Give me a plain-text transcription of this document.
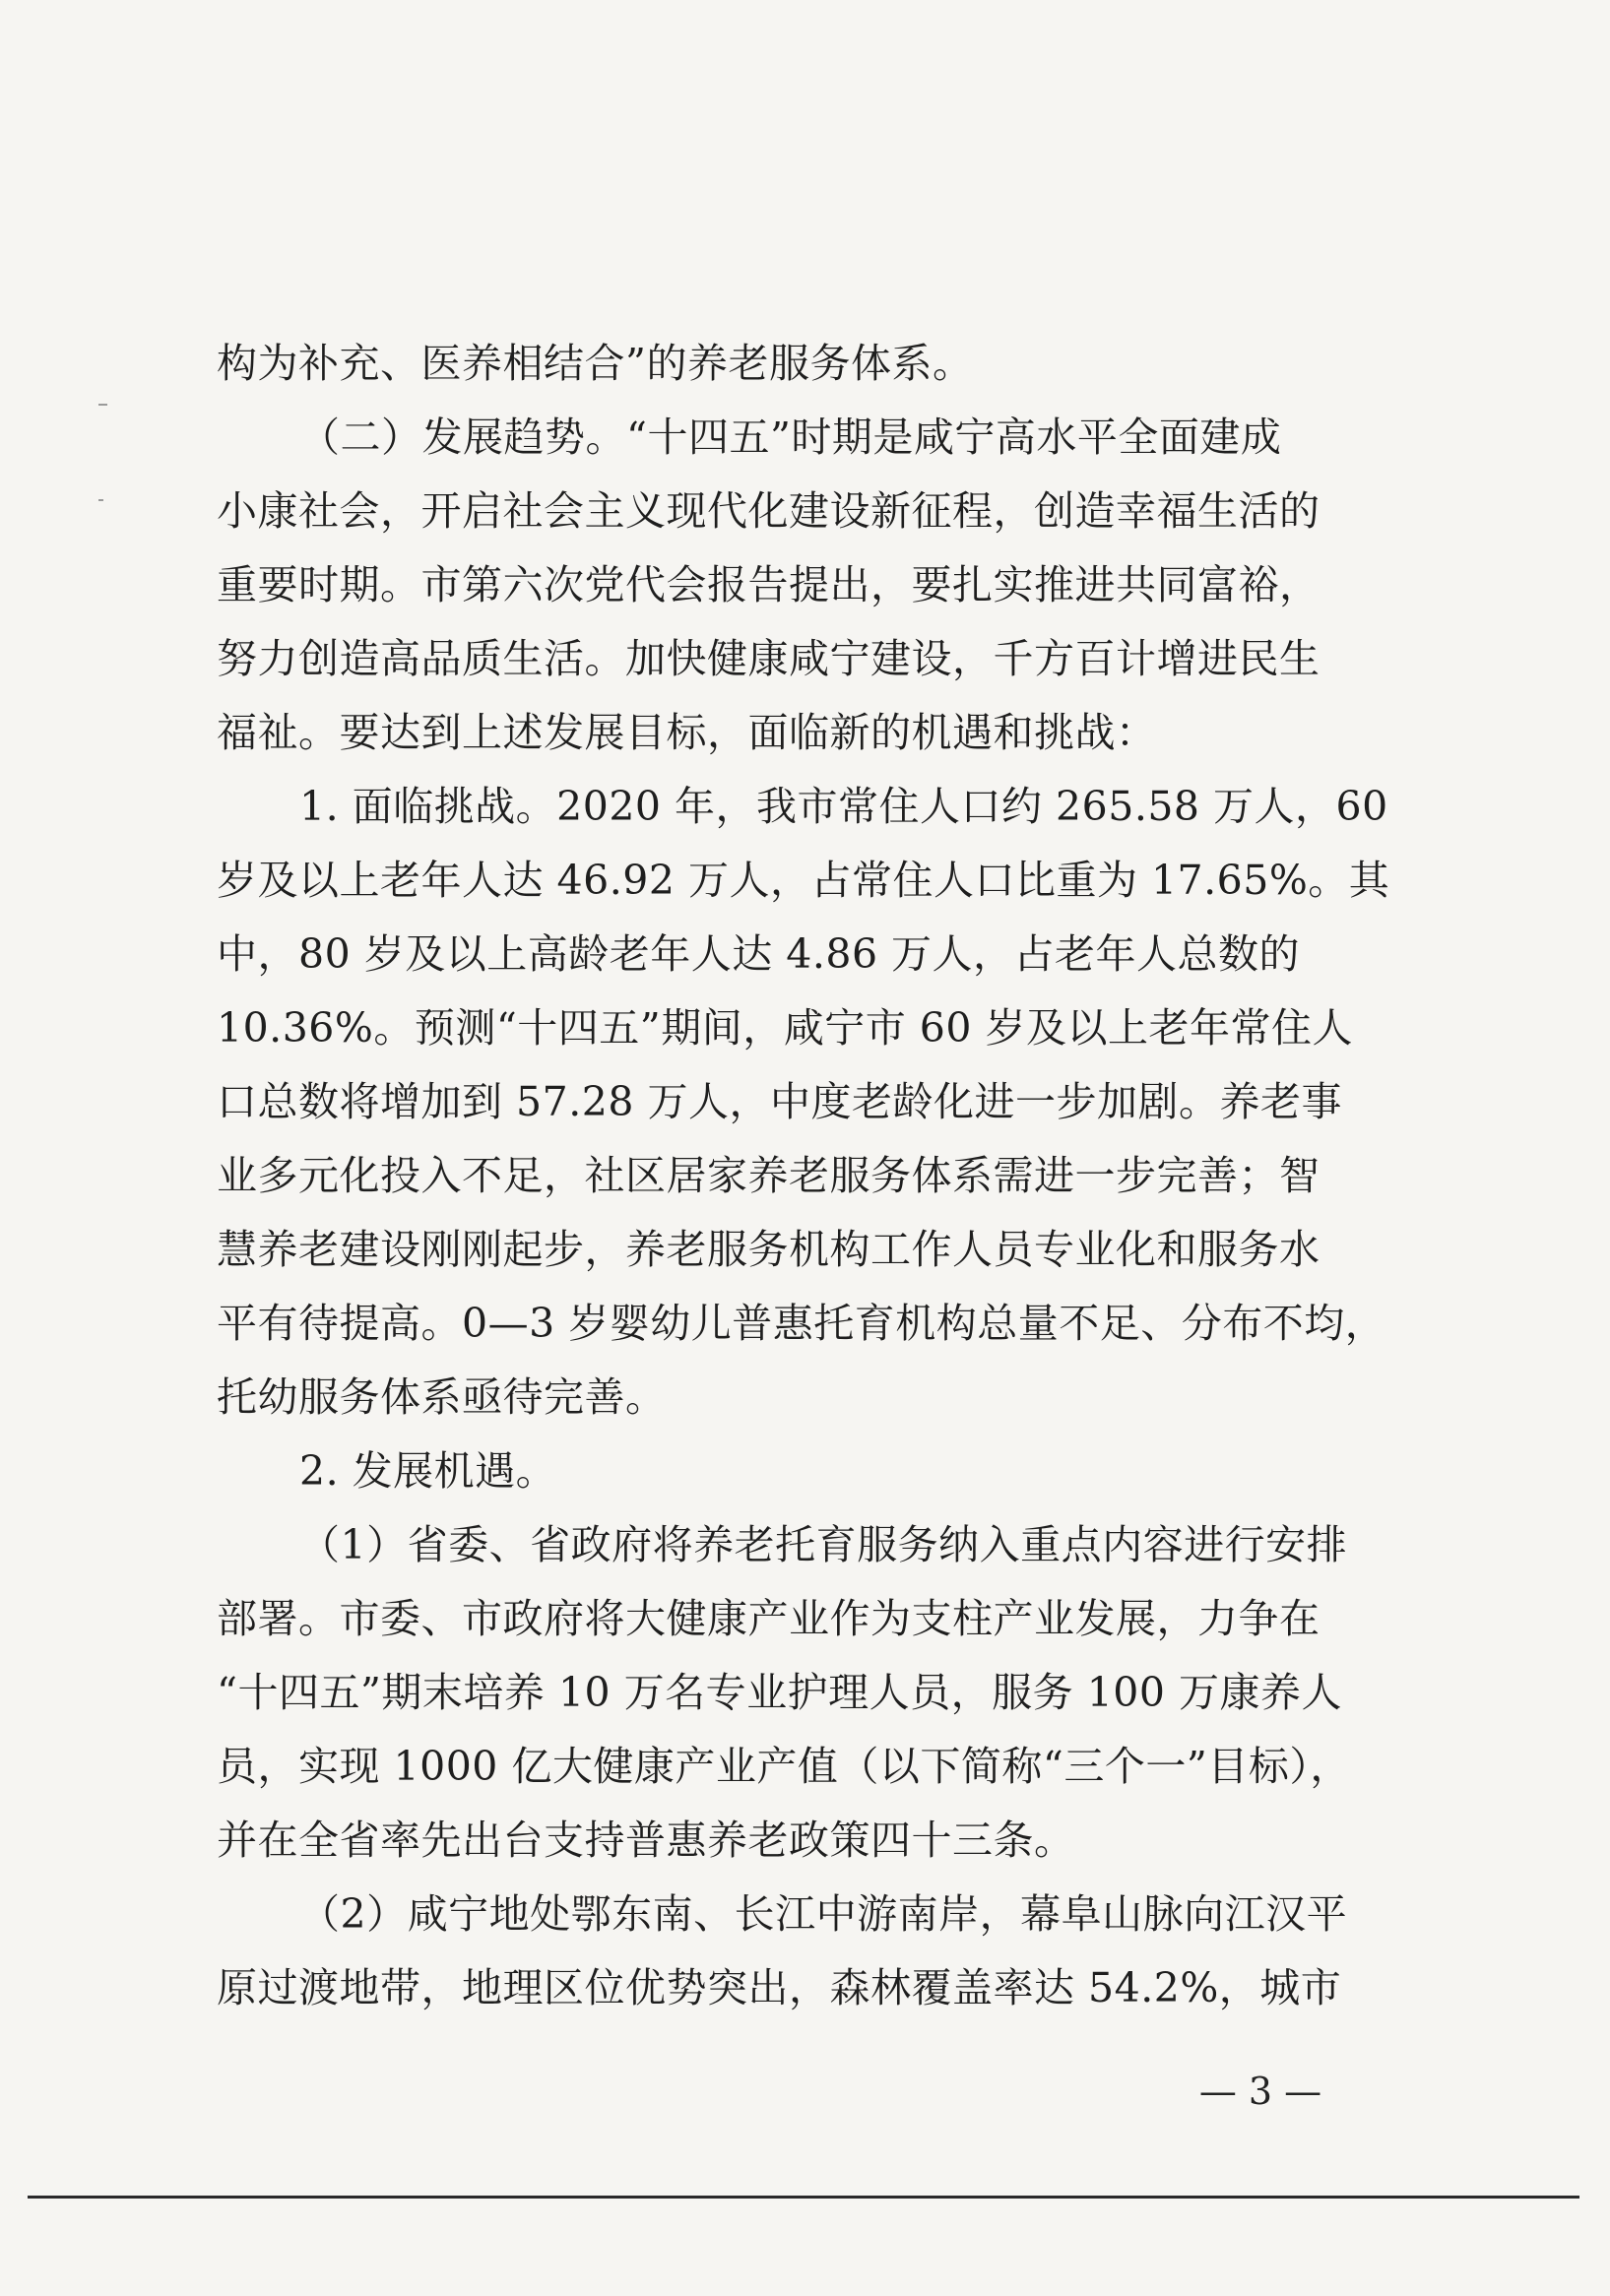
构为补充、医养相结合”的养老服务体系。
（二）发展趋势。“十四五”时期是咸宁高水平全面建成
小康社会，开启社会主义现代化建设新征程，创造幸福生活的
重要时期。市第六次党代会报告提出，要扎实推进共同富裕，
努力创造高品质生活。加快健康咸宁建设，千方百计增进民生
福祉。要达到上述发展目标，面临新的机遇和挑战：
1. 面临挑战。2020 年，我市常住人口约 265.58 万人，60
岁及以上老年人达 46.92 万人，占常住人口比重为 17.65%。其
中，80 岁及以上高龄老年人达 4.86 万人，占老年人总数的
10.36%。预测“十四五”期间，咸宁市 60 岁及以上老年常住人
口总数将增加到 57.28 万人，中度老龄化进一步加剧。养老事
业多元化投入不足，社区居家养老服务体系需进一步完善；智
慧养老建设刚刚起步，养老服务机构工作人员专业化和服务水
平有待提高。0—3 岁婴幼儿普惠托育机构总量不足、分布不均，
托幼服务体系亟待完善。
2. 发展机遇。
（1）省委、省政府将养老托育服务纳入重点内容进行安排
部署。市委、市政府将大健康产业作为支柱产业发展，力争在
“十四五”期末培养 10 万名专业护理人员，服务 100 万康养人
员，实现 1000 亿大健康产业产值（以下简称“三个一”目标），
并在全省率先出台支持普惠养老政策四十三条。
（2）咸宁地处鄂东南、长江中游南岸，幕阜山脉向江汉平
原过渡地带，地理区位优势突出，森林覆盖率达 54.2%，城市
— 3 —
